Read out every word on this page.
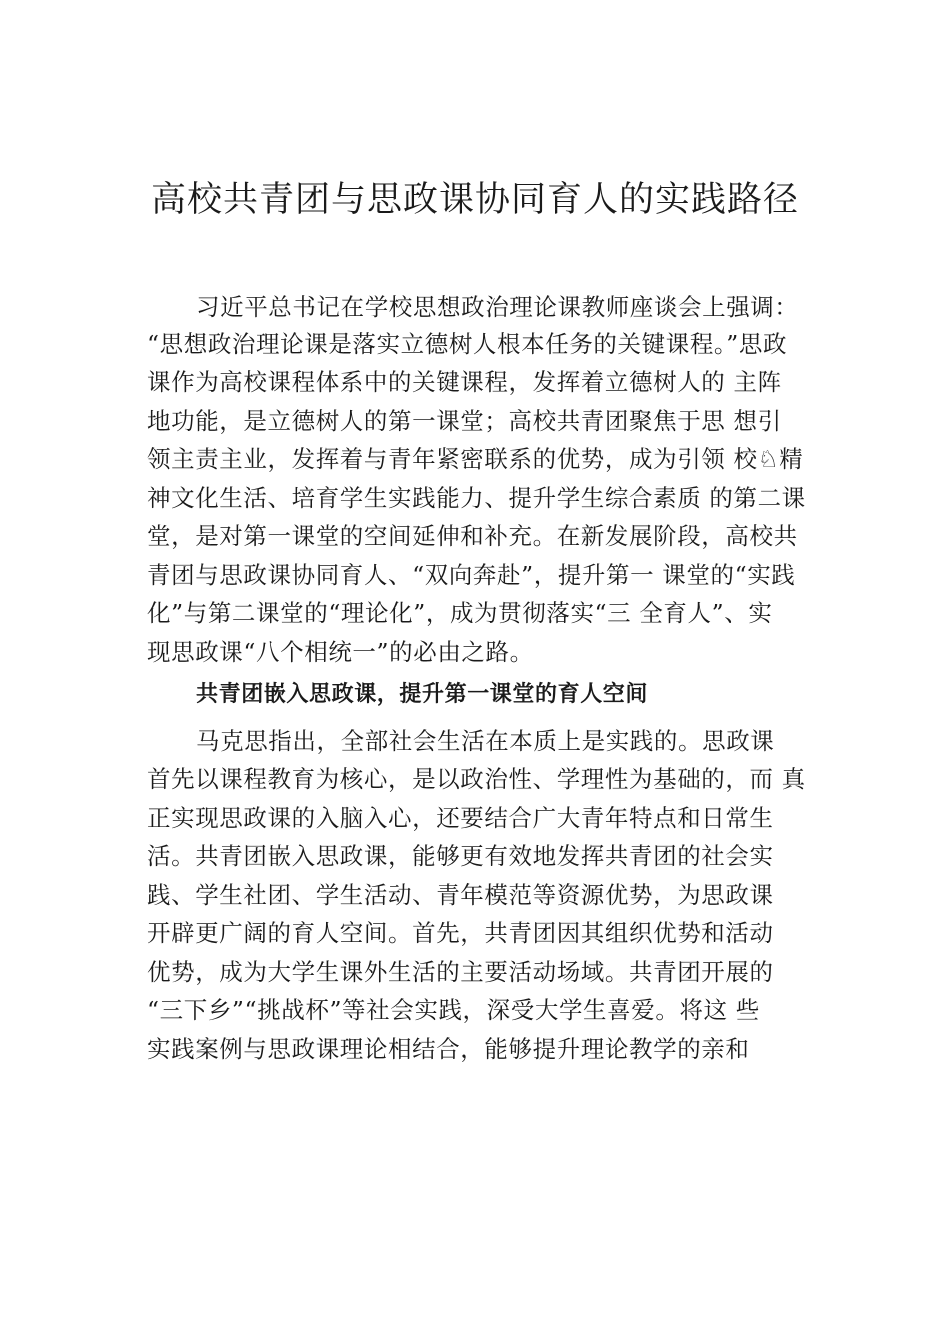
高校共青团与思政课协同育人的实践路径

习近平总书记在学校思想政治理论课教师座谈会上强调：

“思想政治理论课是落实立德树人根本任务的关键课程。”思政

课作为高校课程体系中的关键课程，发挥着立德树人的 主阵

地功能，是立德树人的第一课堂；高校共青团聚焦于思 想引

领主责主业，发挥着与青年紧密联系的优势，成为引领 校♘精

神文化生活、培育学生实践能力、提升学生综合素质 的第二课

堂，是对第一课堂的空间延伸和补充。在新发展阶段，高校共

青团与思政课协同育人、“双向奔赴”，提升第一 课堂的“实践

化”与第二课堂的“理论化”，成为贯彻落实“三 全育人”、实

现思政课“八个相统一”的必由之路。

共青团嵌入思政课，提升第一课堂的育人空间

马克思指出，全部社会生活在本质上是实践的。思政课

首先以课程教育为核心，是以政治性、学理性为基础的，而 真

正实现思政课的入脑入心，还要结合广大青年特点和日常生

活。共青团嵌入思政课，能够更有效地发挥共青团的社会实

践、学生社团、学生活动、青年模范等资源优势，为思政课

开辟更广阔的育人空间。首先，共青团因其组织优势和活动

优势，成为大学生课外生活的主要活动场域。共青团开展的

“三下乡”“挑战杯”等社会实践，深受大学生喜爱。将这 些

实践案例与思政课理论相结合，能够提升理论教学的亲和
